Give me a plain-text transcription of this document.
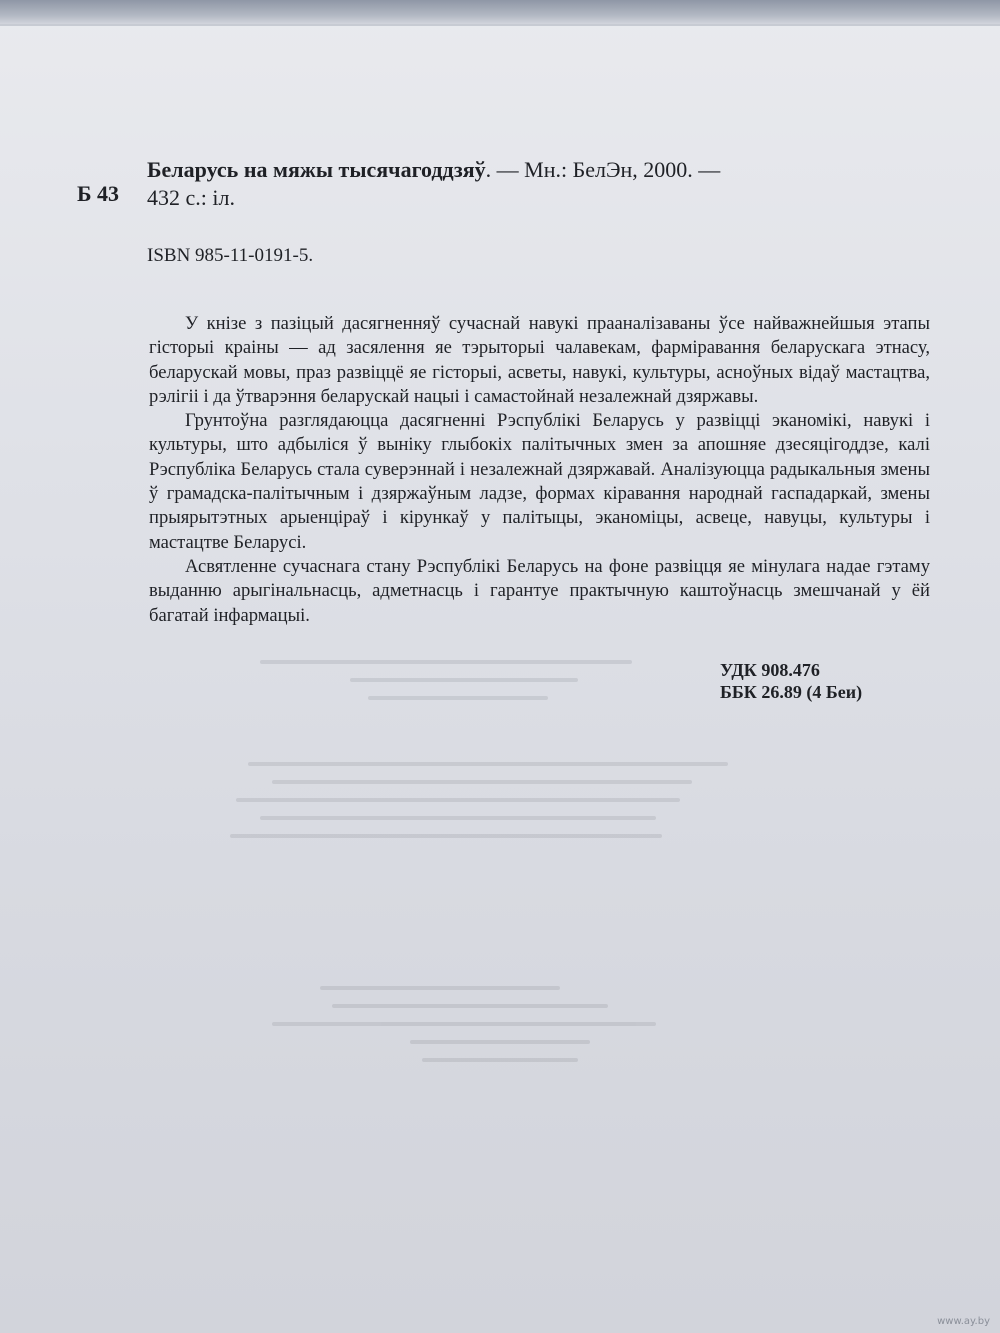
Б 43
Беларусь на мяжы тысячагоддзяў. — Мн.: БелЭн, 2000. —
432 с.: іл.
ISBN 985-11-0191-5.

У кнізе з пазіцый дасягненняў сучаснай навукі прааналізаваны ўсе найважнейшыя этапы гісторыі краіны — ад засялення яе тэрыторыі чалавекам, фарміравання беларускага этнасу, беларускай мовы, праз развіццё яе гісторыі, асветы, навукі, культуры, асноўных відаў мастацтва, рэлігіі і да ўтварэння беларускай нацыі і самастойнай незалежнай дзяржавы.

Грунтоўна разглядаюцца дасягненні Рэспублікі Беларусь у развіцці эканомікі, навукі і культуры, што адбыліся ў выніку глыбокіх палітычных змен за апошняе дзесяцігоддзе, калі Рэспубліка Беларусь стала суверэннай і незалежнай дзяржавай. Аналізуюцца радыкальныя змены ў грамадска-палітычным і дзяржаўным ладзе, формах кіравання народнай гаспадаркай, змены прыярытэтных арыенціраў і кірункаў у палітыцы, эканоміцы, асвеце, навуцы, культуры і мастацтве Беларусі.

Асвятленне сучаснага стану Рэспублікі Беларусь на фоне развіцця яе мінулага надае гэтаму выданню арыгінальнасць, адметнасць і гарантуе практычную каштоўнасць змешчанай у ёй багатай інфармацыі.

УДК 908.476
ББК 26.89 (4 Беи)
www.ay.by
